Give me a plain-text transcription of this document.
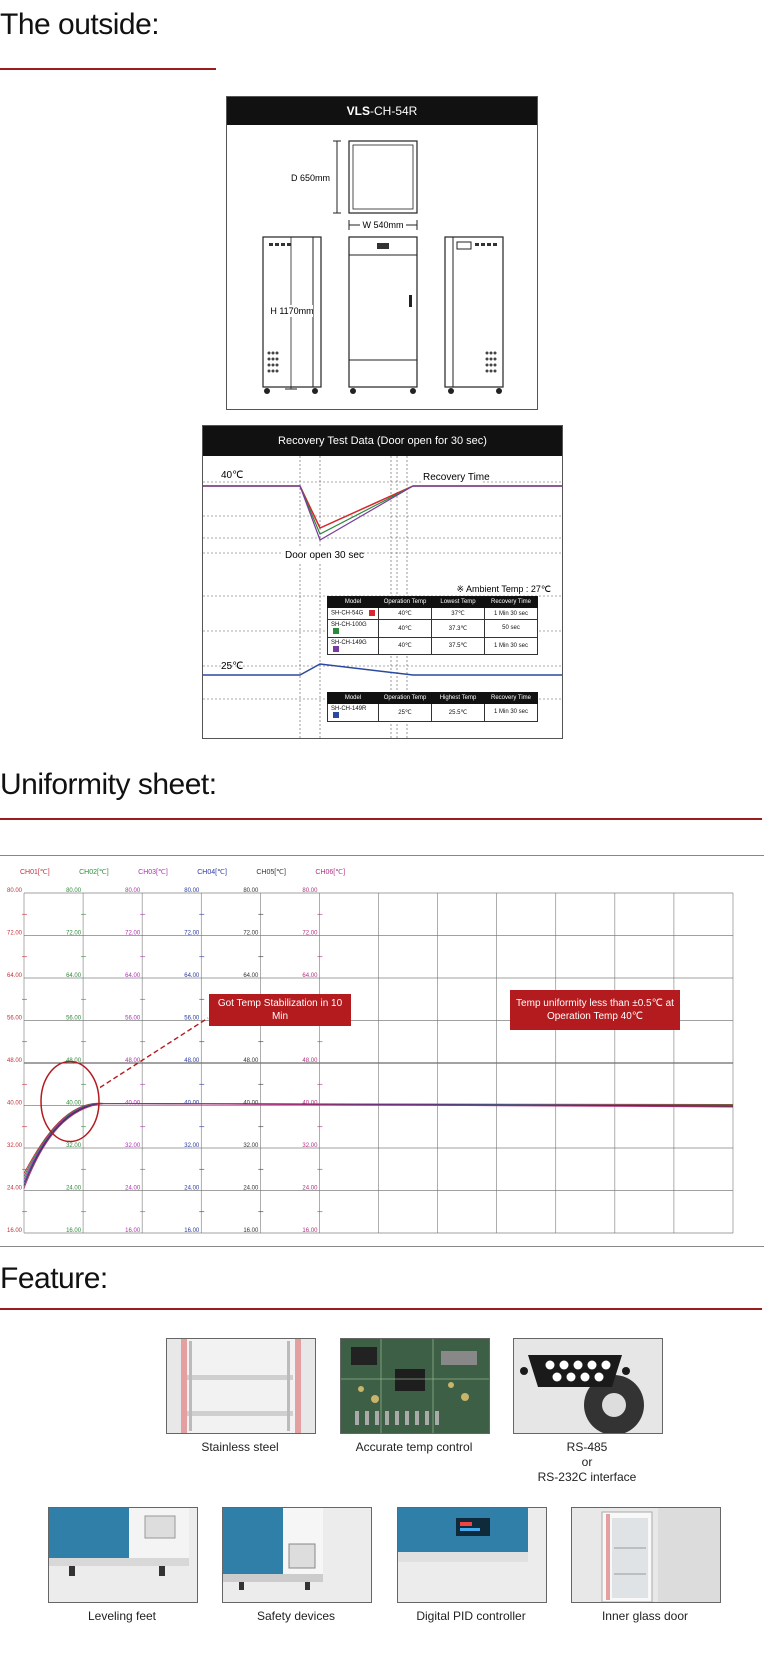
The outside:
VLS-CH-54R
D 650mm
W 540mm
H 1170mm
Recovery Test Data (Door open for 30 sec)
40℃
25℃
Recovery Time
Door open 30 sec
※ Ambient Temp : 27℃
Model	Operation Temp	Lowest Temp	Recovery Time
SH-CH-54G	40℃	37℃	1 Min 30 sec
SH-CH-100G	40℃	37.3℃	50 sec
SH-CH-149G	40℃	37.5℃	1 Min 30 sec
Model	Operation Temp	Highest Temp	Recovery Time
SH-CH-149R	25℃	25.5℃	1 Min 30 sec
Uniformity sheet:
CH01[℃]
80.00
72.00
64.00
56.00
48.00
40.00
32.00
24.00
16.00
CH02[℃]
80.00
72.00
64.00
56.00
48.00
40.00
32.00
24.00
16.00
CH03[℃]
80.00
72.00
64.00
56.00
48.00
40.00
32.00
24.00
16.00
CH04[℃]
80.00
72.00
64.00
56.00
48.00
40.00
32.00
24.00
16.00
CH05[℃]
80.00
72.00
64.00
48.00
40.00
32.00
24.00
16.00
CH06[℃]
80.00
72.00
64.00
48.00
40.00
32.00
24.00
16.00
Got Temp Stabilization in 10 Min
Temp uniformity less than ±0.5℃ at Operation Temp 40℃
Feature:
Stainless steel	Accurate temp control	RS-485
or
RS-232C interface
Leveling feet	Safety devices	Digital PID controller	Inner glass door
